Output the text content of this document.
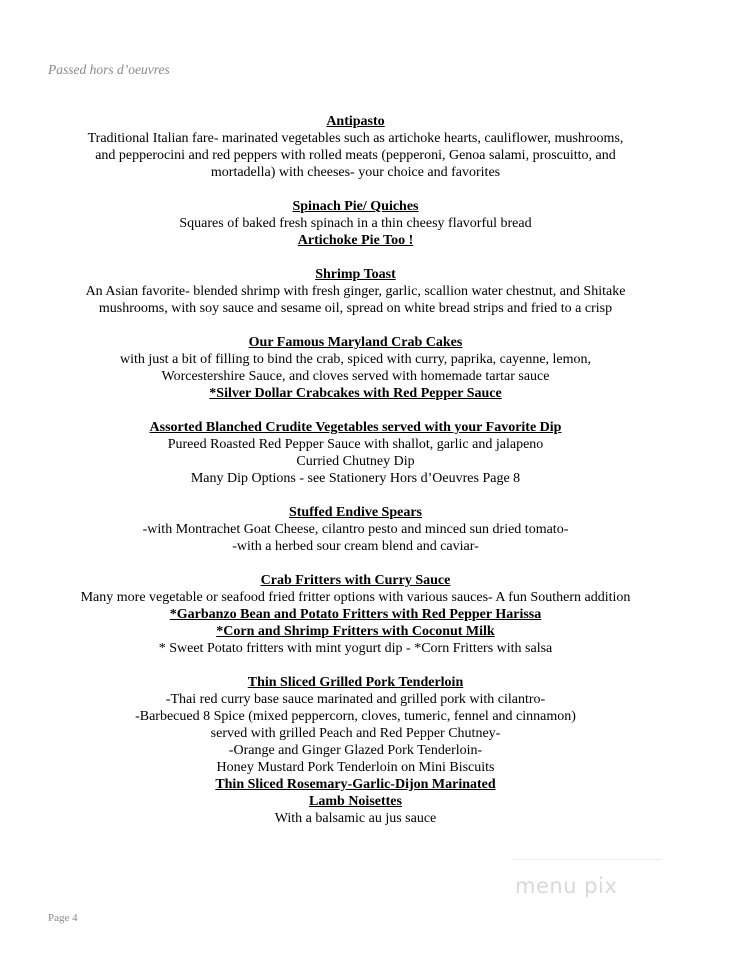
Passed hors d’oeuvres
Antipasto
Traditional Italian fare- marinated vegetables such as artichoke hearts, cauliflower, mushrooms,
and pepperocini and red peppers with rolled meats (pepperoni, Genoa salami, proscuitto, and
mortadella) with cheeses- your choice and favorites
Spinach Pie/ Quiches
Squares of baked fresh spinach in a thin cheesy flavorful bread
Artichoke Pie Too !
Shrimp Toast
An Asian favorite- blended shrimp with fresh ginger, garlic, scallion water chestnut, and Shitake
mushrooms, with soy sauce and sesame oil, spread on white bread strips and fried to a crisp
Our Famous Maryland Crab Cakes
with just a bit of filling to bind the crab, spiced with curry, paprika, cayenne, lemon,
Worcestershire Sauce, and cloves served with homemade tartar sauce
*Silver Dollar Crabcakes with Red Pepper Sauce
Assorted Blanched Crudite Vegetables served with your Favorite Dip
Pureed Roasted Red Pepper Sauce with shallot, garlic and jalapeno
Curried Chutney Dip
Many Dip Options - see Stationery Hors d’Oeuvres Page 8
Stuffed Endive Spears
-with Montrachet Goat Cheese, cilantro pesto and minced sun dried tomato-
-with a herbed sour cream blend and caviar-
Crab Fritters with Curry Sauce
Many more vegetable or seafood fried fritter options with various sauces- A fun Southern addition
*Garbanzo Bean and Potato Fritters with Red Pepper Harissa
*Corn and Shrimp Fritters with Coconut Milk
* Sweet Potato fritters with mint yogurt dip - *Corn Fritters with salsa
Thin Sliced Grilled Pork Tenderloin
-Thai red curry base sauce marinated and grilled pork with cilantro-
-Barbecued 8 Spice (mixed peppercorn, cloves, tumeric, fennel and cinnamon)
served with grilled Peach and Red Pepper Chutney-
-Orange and Ginger Glazed Pork Tenderloin-
Honey Mustard Pork Tenderloin on Mini Biscuits
Thin Sliced Rosemary-Garlic-Dijon Marinated
Lamb Noisettes
With a balsamic au jus sauce
menu pix
Page 4
